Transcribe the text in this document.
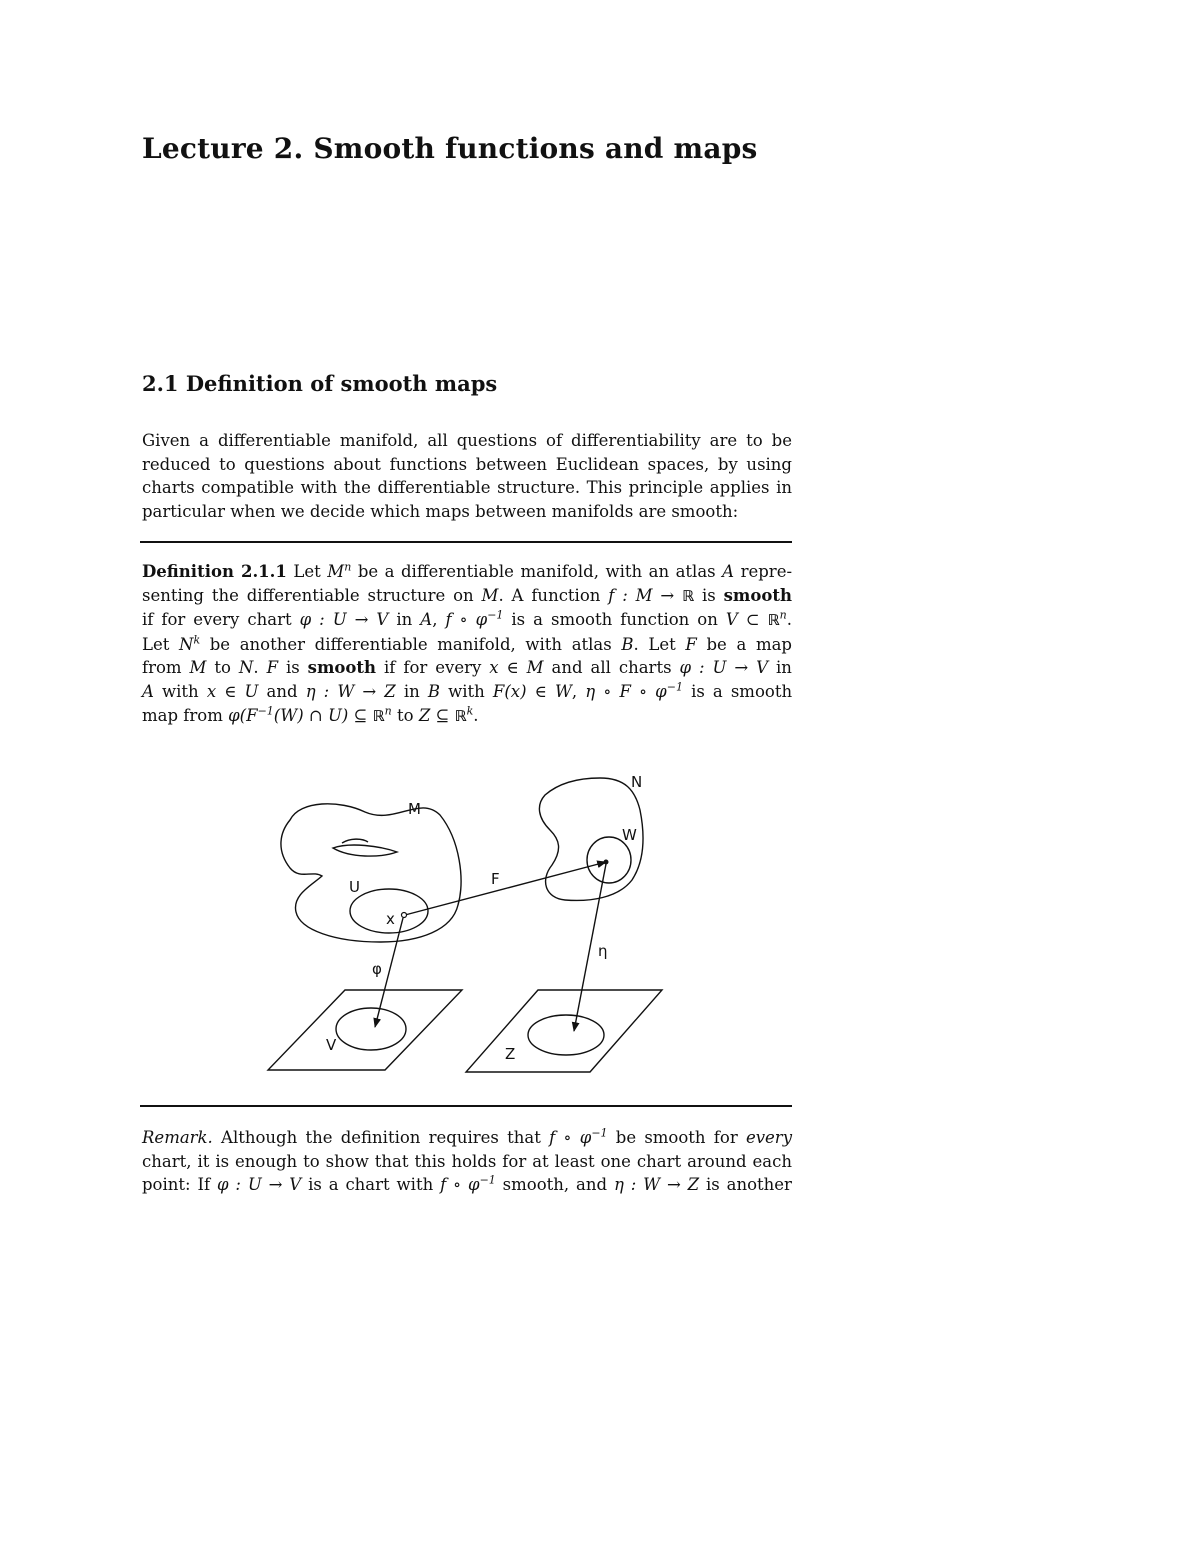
Lecture 2. Smooth functions and maps
2.1 Definition of smooth maps
Given a differentiable manifold, all questions of differentiability are to be
reduced to questions about functions between Euclidean spaces, by using
charts compatible with the differentiable structure. This principle applies in
particular when we decide which maps between manifolds are smooth:
Definition 2.1.1 Let $M^n$ be a differentiable manifold, with an atlas A repre-
senting the differentiable structure on M. A function f : M → ℝ is smooth
if for every chart φ : U → V in A, f ∘ $\varphi^{-1}$ is a smooth function on V ⊂ ℝ$^n$.
Let $N^k$ be another differentiable manifold, with atlas B. Let F be a map
from M to N. F is smooth if for every x ∈ M and all charts φ : U → V in
A with x ∈ U and η : W → Z in B with F(x) ∈ W, η ∘ F ∘ $\varphi^{-1}$ is a smooth
map from $\varphi(F^{-1}(W)$ ∩ U) ⊆ ℝ$^n$ to Z ⊆ ℝ$^k$.
M
N
W
U
x
F
φ
η
V	Z
Remark. Although the definition requires that f ∘ $\varphi^{-1}$ be smooth for every
chart, it is enough to show that this holds for at least one chart around each
point: If φ : U → V is a chart with f ∘ $\varphi^{-1}$ smooth, and η : W → Z is another
